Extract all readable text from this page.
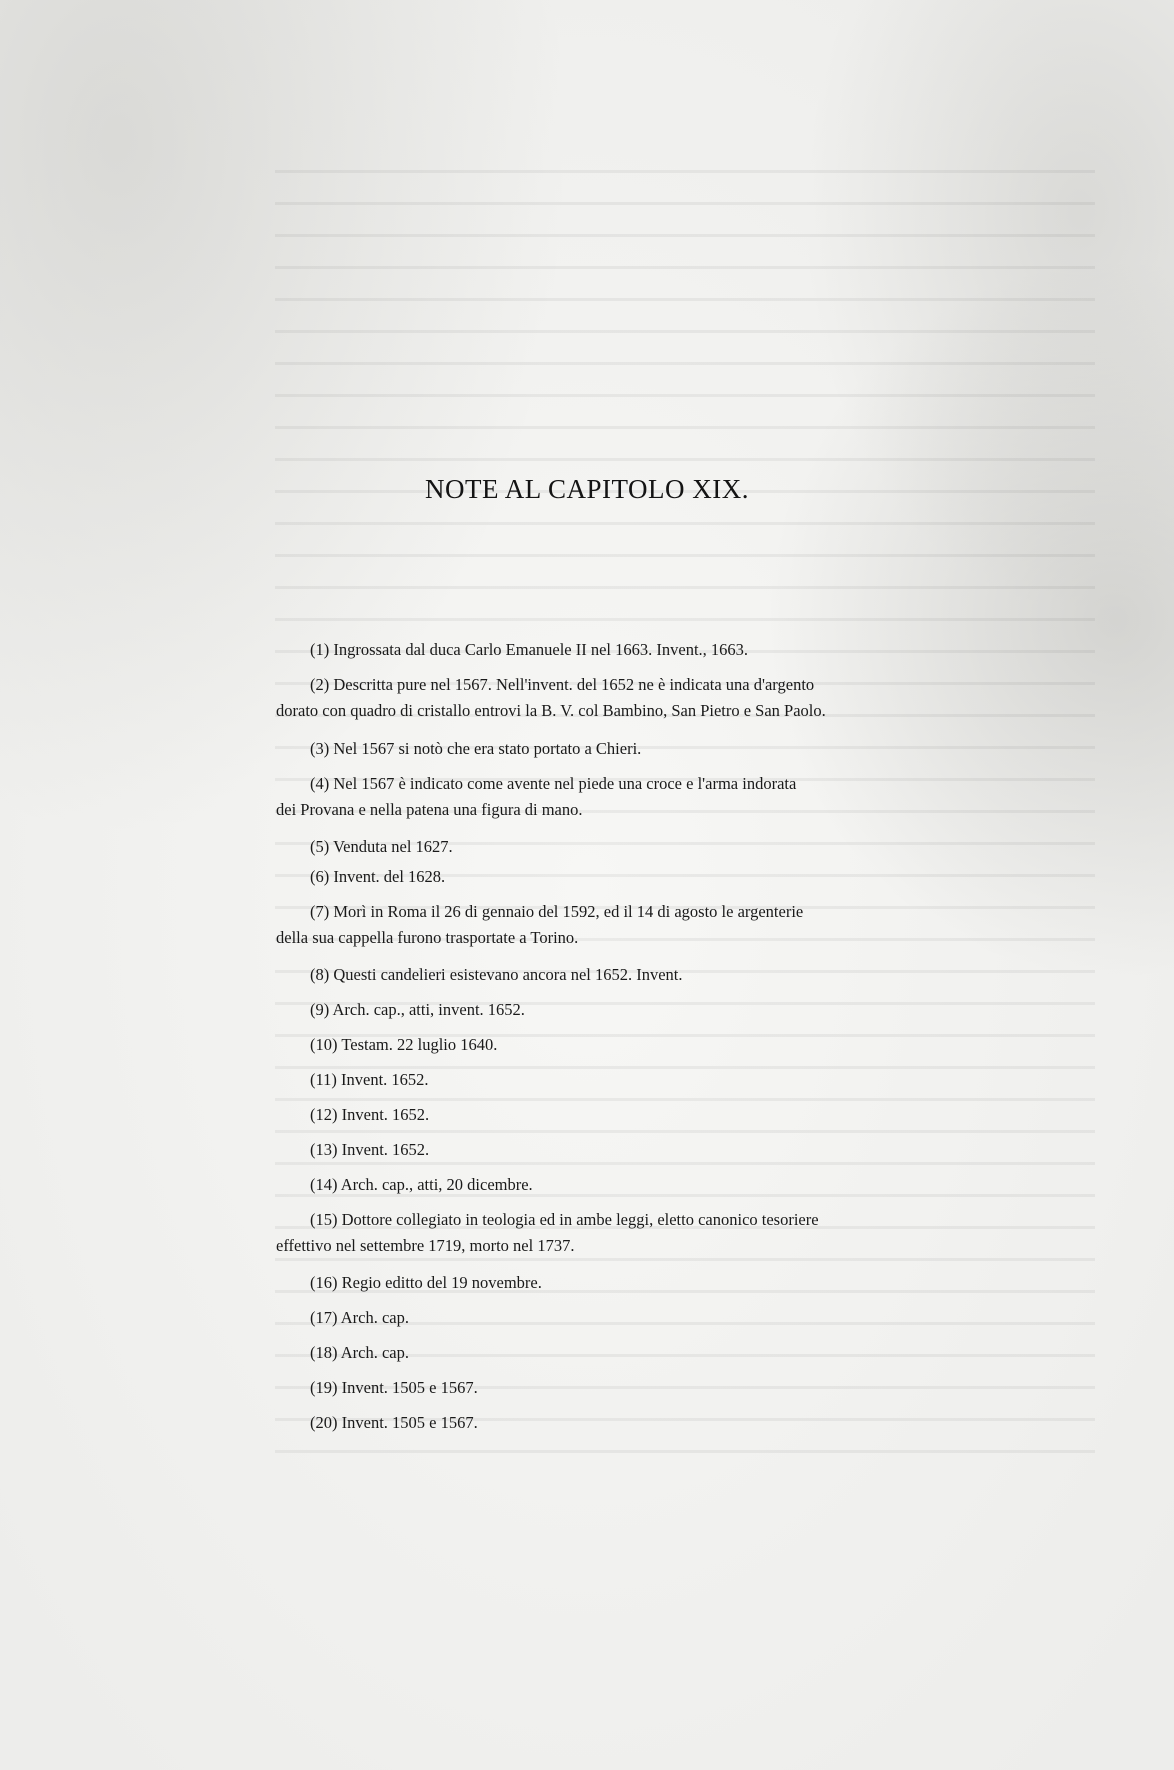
NOTE AL CAPITOLO XIX.
(1) Ingrossata dal duca Carlo Emanuele II nel 1663. Invent., 1663.
(2) Descritta pure nel 1567. Nell'invent. del 1652 ne è indicata una d'argento
dorato con quadro di cristallo entrovi la B. V. col Bambino, San Pietro e San Paolo.
(3) Nel 1567 si notò che era stato portato a Chieri.
(4) Nel 1567 è indicato come avente nel piede una croce e l'arma indorata
dei Provana e nella patena una figura di mano.
(5) Venduta nel 1627.
(6) Invent. del 1628.
(7) Morì in Roma il 26 di gennaio del 1592, ed il 14 di agosto le argenterie
della sua cappella furono trasportate a Torino.
(8) Questi candelieri esistevano ancora nel 1652. Invent.
(9) Arch. cap., atti, invent. 1652.
(10) Testam. 22 luglio 1640.
(11) Invent. 1652.
(12) Invent. 1652.
(13) Invent. 1652.
(14) Arch. cap., atti, 20 dicembre.
(15) Dottore collegiato in teologia ed in ambe leggi, eletto canonico tesoriere
effettivo nel settembre 1719, morto nel 1737.
(16) Regio editto del 19 novembre.
(17) Arch. cap.
(18) Arch. cap.
(19) Invent. 1505 e 1567.
(20) Invent. 1505 e 1567.
